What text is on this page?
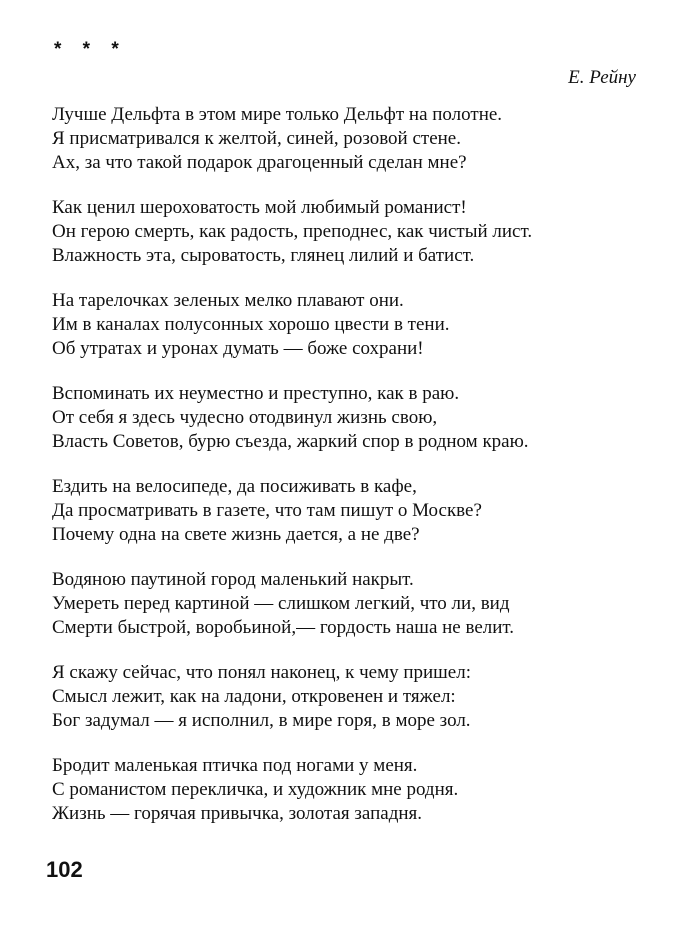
* * *
Е. Рейну
Лучше Дельфта в этом мире только Дельфт на полотне.
Я присматривался к желтой, синей, розовой стене.
Ах, за что такой подарок драгоценный сделан мне?
Как ценил шероховатость мой любимый романист!
Он герою смерть, как радость, преподнес, как чистый лист.
Влажность эта, сыроватость, глянец лилий и батист.
На тарелочках зеленых мелко плавают они.
Им в каналах полусонных хорошо цвести в тени.
Об утратах и уронах думать — боже сохрани!
Вспоминать их неуместно и преступно, как в раю.
От себя я здесь чудесно отодвинул жизнь свою,
Власть Советов, бурю съезда, жаркий спор в родном краю.
Ездить на велосипеде, да посиживать в кафе,
Да просматривать в газете, что там пишут о Москве?
Почему одна на свете жизнь дается, а не две?
Водяною паутиной город маленький накрыт.
Умереть перед картиной — слишком легкий, что ли, вид
Смерти быстрой, воробьиной,— гордость наша не велит.
Я скажу сейчас, что понял наконец, к чему пришел:
Смысл лежит, как на ладони, откровенен и тяжел:
Бог задумал — я исполнил, в мире горя, в море зол.
Бродит маленькая птичка под ногами у меня.
С романистом перекличка, и художник мне родня.
Жизнь — горячая привычка, золотая западня.
102
